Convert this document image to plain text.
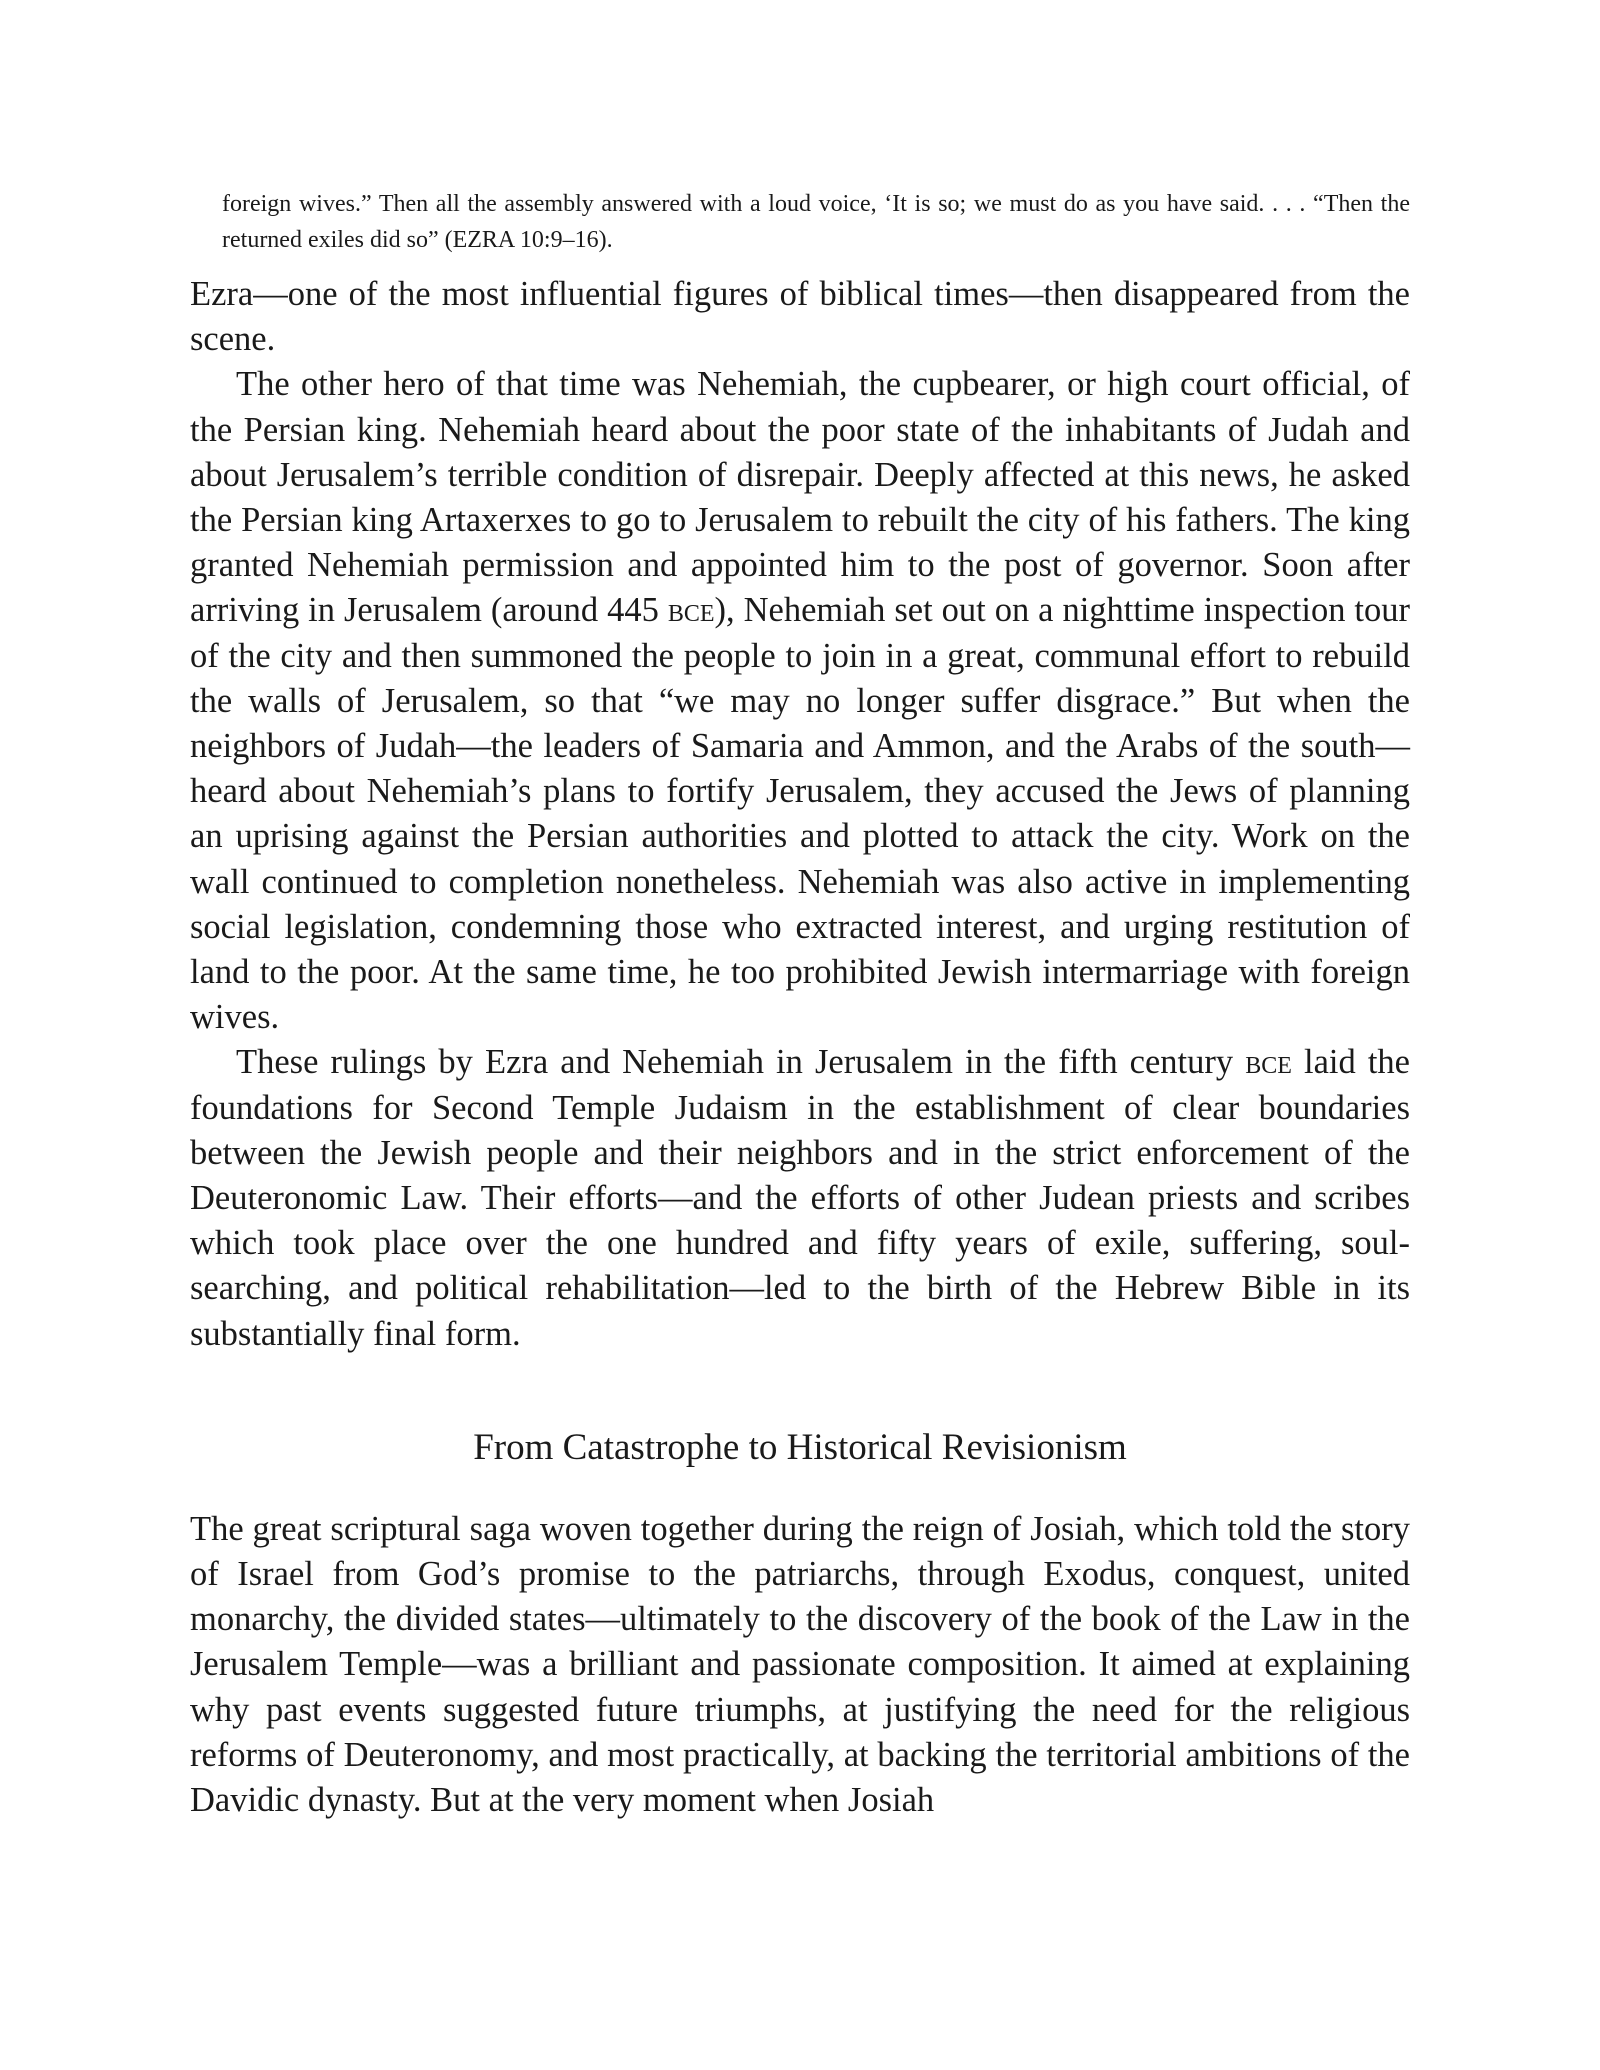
foreign wives.” Then all the assembly answered with a loud voice, ‘It is so; we must do as you have said. . . . “Then the returned exiles did so” (EZRA 10:9–16).

Ezra—one of the most influential figures of biblical times—then disappeared from the scene.

The other hero of that time was Nehemiah, the cupbearer, or high court official, of the Persian king. Nehemiah heard about the poor state of the inhabitants of Judah and about Jerusalem’s terrible condition of disrepair. Deeply affected at this news, he asked the Persian king Artaxerxes to go to Jerusalem to rebuilt the city of his fathers. The king granted Nehemiah permission and appointed him to the post of governor. Soon after arriving in Jerusalem (around 445 bce), Nehemiah set out on a nighttime inspection tour of the city and then summoned the people to join in a great, communal effort to rebuild the walls of Jerusalem, so that “we may no longer suffer disgrace.” But when the neighbors of Judah—the leaders of Samaria and Ammon, and the Arabs of the south—heard about Nehemiah’s plans to fortify Jerusalem, they accused the Jews of planning an uprising against the Persian authorities and plotted to attack the city. Work on the wall continued to completion nonetheless. Nehemiah was also active in implementing social legislation, condemning those who extracted interest, and urging restitution of land to the poor. At the same time, he too prohibited Jewish intermarriage with foreign wives.

These rulings by Ezra and Nehemiah in Jerusalem in the fifth century bce laid the foundations for Second Temple Judaism in the establishment of clear boundaries between the Jewish people and their neighbors and in the strict enforcement of the Deuteronomic Law. Their efforts—and the efforts of other Judean priests and scribes which took place over the one hundred and fifty years of exile, suffering, soul-searching, and political rehabilitation—led to the birth of the Hebrew Bible in its substantially final form.

From Catastrophe to Historical Revisionism

The great scriptural saga woven together during the reign of Josiah, which told the story of Israel from God’s promise to the patriarchs, through Exodus, conquest, united monarchy, the divided states—ultimately to the discovery of the book of the Law in the Jerusalem Temple—was a brilliant and passionate composition. It aimed at explaining why past events suggested future triumphs, at justifying the need for the religious reforms of Deuteronomy, and most practically, at backing the territorial ambitions of the Davidic dynasty. But at the very moment when Josiah
